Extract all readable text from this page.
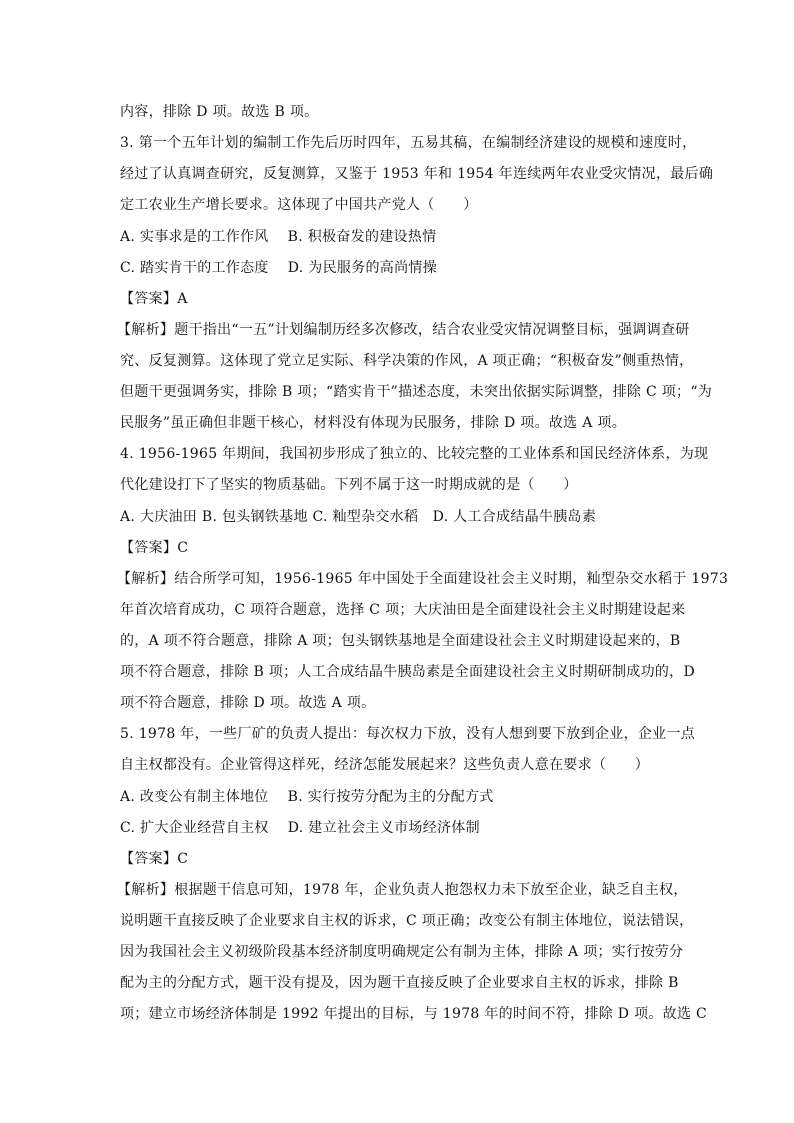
内容，排除 D 项。故选 B 项。
3. 第一个五年计划的编制工作先后历时四年，五易其稿，在编制经济建设的规模和速度时，
经过了认真调查研究，反复测算，又鉴于 1953 年和 1954 年连续两年农业受灾情况，最后确
定工农业生产增长要求。这体现了中国共产党人（　　）
A. 实事求是的工作作风　 B. 积极奋发的建设热情
C. 踏实肯干的工作态度　 D. 为民服务的高尚情操
【答案】A
【解析】题干指出“一五”计划编制历经多次修改，结合农业受灾情况调整目标，强调调查研
究、反复测算。这体现了党立足实际、科学决策的作风，A 项正确；“积极奋发”侧重热情，
但题干更强调务实，排除 B 项；“踏实肯干”描述态度，未突出依据实际调整，排除 C 项；“为
民服务”虽正确但非题干核心，材料没有体现为民服务，排除 D 项。故选 A 项。
4. 1956-1965 年期间，我国初步形成了独立的、比较完整的工业体系和国民经济体系，为现
代化建设打下了坚实的物质基础。下列不属于这一时期成就的是（　　）
A. 大庆油田 B. 包头钢铁基地 C. 籼型杂交水稻　D. 人工合成结晶牛胰岛素
【答案】C
【解析】结合所学可知，1956-1965 年中国处于全面建设社会主义时期，籼型杂交水稻于 1973
年首次培育成功，C 项符合题意，选择 C 项；大庆油田是全面建设社会主义时期建设起来
的，A 项不符合题意，排除 A 项；包头钢铁基地是全面建设社会主义时期建设起来的，B
项不符合题意，排除 B 项；人工合成结晶牛胰岛素是全面建设社会主义时期研制成功的，D
项不符合题意，排除 D 项。故选 A 项。
5. 1978 年，一些厂矿的负责人提出：每次权力下放，没有人想到要下放到企业，企业一点
自主权都没有。企业管得这样死，经济怎能发展起来？这些负责人意在要求（　　）
A. 改变公有制主体地位　 B. 实行按劳分配为主的分配方式
C. 扩大企业经营自主权　 D. 建立社会主义市场经济体制
【答案】C
【解析】根据题干信息可知，1978 年，企业负责人抱怨权力未下放至企业，缺乏自主权，
说明题干直接反映了企业要求自主权的诉求，C 项正确；改变公有制主体地位，说法错误，
因为我国社会主义初级阶段基本经济制度明确规定公有制为主体，排除 A 项；实行按劳分
配为主的分配方式，题干没有提及，因为题干直接反映了企业要求自主权的诉求，排除 B
项；建立市场经济体制是 1992 年提出的目标，与 1978 年的时间不符，排除 D 项。故选 C
